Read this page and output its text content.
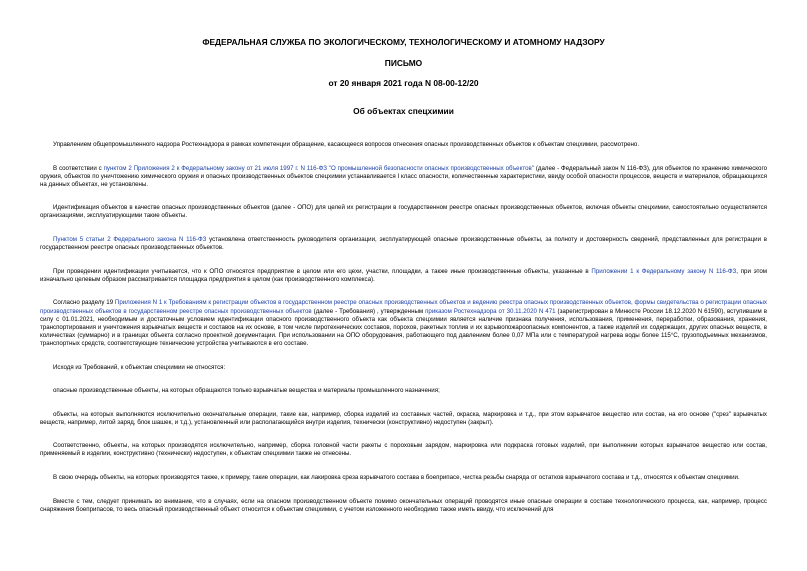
ФЕДЕРАЛЬНАЯ СЛУЖБА ПО ЭКОЛОГИЧЕСКОМУ, ТЕХНОЛОГИЧЕСКОМУ И АТОМНОМУ НАДЗОРУ
ПИСЬМО
от 20 января 2021 года N 08-00-12/20
Об объектах спецхимии

Управлением общепромышленного надзора Ростехнадзора в рамках компетенции обращение, касающееся вопросов отнесения опасных производственных объектов к объектам спецхимии, рассмотрено.

В соответствии с пунктом 2 Приложения 2 к Федеральному закону от 21 июля 1997 г. N 116-ФЗ "О промышленной безопасности опасных производственных объектов" (далее - Федеральный закон N 116-ФЗ), для объектов по хранению химического оружия, объектов по уничтожению химического оружия и опасных производственных объектов спецхимии устанавливается I класс опасности, количественные характеристики, ввиду особой опасности процессов, веществ и материалов, обращающихся на данных объектах, не установлены.

Идентификация объектов в качестве опасных производственных объектов (далее - ОПО) для целей их регистрации в государственном реестре опасных производственных объектов, включая объекты спецхимии, самостоятельно осуществляется организациями, эксплуатирующими такие объекты.

Пунктом 5 статьи 2 Федерального закона N 116-ФЗ установлена ответственность руководителя организации, эксплуатирующей опасные производственные объекты, за полноту и достоверность сведений, представленных для регистрации в государственном реестре опасных производственных объектов.

При проведении идентификации учитывается, что к ОПО относятся предприятие в целом или его цехи, участки, площадки, а также иные производственные объекты, указанные в Приложении 1 к Федеральному закону N 116-ФЗ, при этом изначально целевым образом рассматривается площадка предприятия в целом (как производственного комплекса).

Согласно разделу 19 Приложения N 1 к Требованиям к регистрации объектов в государственном реестре опасных производственных объектов и ведению реестра опасных производственных объектов, формы свидетельства о регистрации опасных производственных объектов в государственном реестре опасных производственных объектов (далее - Требования) , утвержденным приказом Ростехнадзора от 30.11.2020 N 471 (зарегистрирован в Минюсте России 18.12.2020 N 61590), вступившим в силу с 01.01.2021, необходимым и достаточным условием идентификации опасного производственного объекта как объекта спецхимии является наличие признака получения, использования, применения, переработки, образования, хранения, транспортирования и уничтожения взрывчатых веществ и составов на их основе, в том числе пиротехнических составов, порохов, ракетных топлив и их взрывопожароопасных компонентов, а также изделий их содержащих, других опасных веществ, в количествах (суммарно) и в границах объекта согласно проектной документации. При использовании на ОПО оборудования, работающего под давлением более 0,07 МПа или с температурой нагрева воды более 115°С, грузоподъемных механизмов, транспортных средств, соответствующие технические устройства учитываются в его составе.

Исходя из Требований, к объектам спецхимии не относятся:

опасные производственные объекты, на которых обращаются только взрывчатые вещества и материалы промышленного назначения;

объекты, на которых выполняются исключительно окончательные операции, такие как, например, сборка изделий из составных частей, окраска, маркировка и т.д., при этом взрывчатое вещество или состав, на его основе ("срез" взрывчатых веществ, например, литой заряд, блок шашек, и т.д.), установленный или располагающийся внутри изделия, технически (конструктивно) недоступен (закрыт).

Соответственно, объекты, на которых производятся исключительно, например, сборка головной части ракеты с пороховым зарядом, маркировка или подкраска готовых изделий, при выполнении которых взрывчатое вещество или состав, применяемый в изделии, конструктивно (технически) недоступен, к объектам спецхимии также не отнесены.

В свою очередь объекты, на которых производятся также, к примеру, такие операции, как лакировка среза взрывчатого состава в боеприпасе, чистка резьбы снаряда от остатков взрывчатого состава и т.д., относятся к объектам спецхимии.

Вместе с тем, следует принимать во внимание, что в случаях, если на опасном производственном объекте помимо окончательных операций проводятся иные опасные операции в составе технологического процесса, как, например, процесс снаряжения боеприпасов, то весь опасный производственный объект относится к объектам спецхимии, с учетом изложенного необходимо также иметь ввиду, что исключений для
